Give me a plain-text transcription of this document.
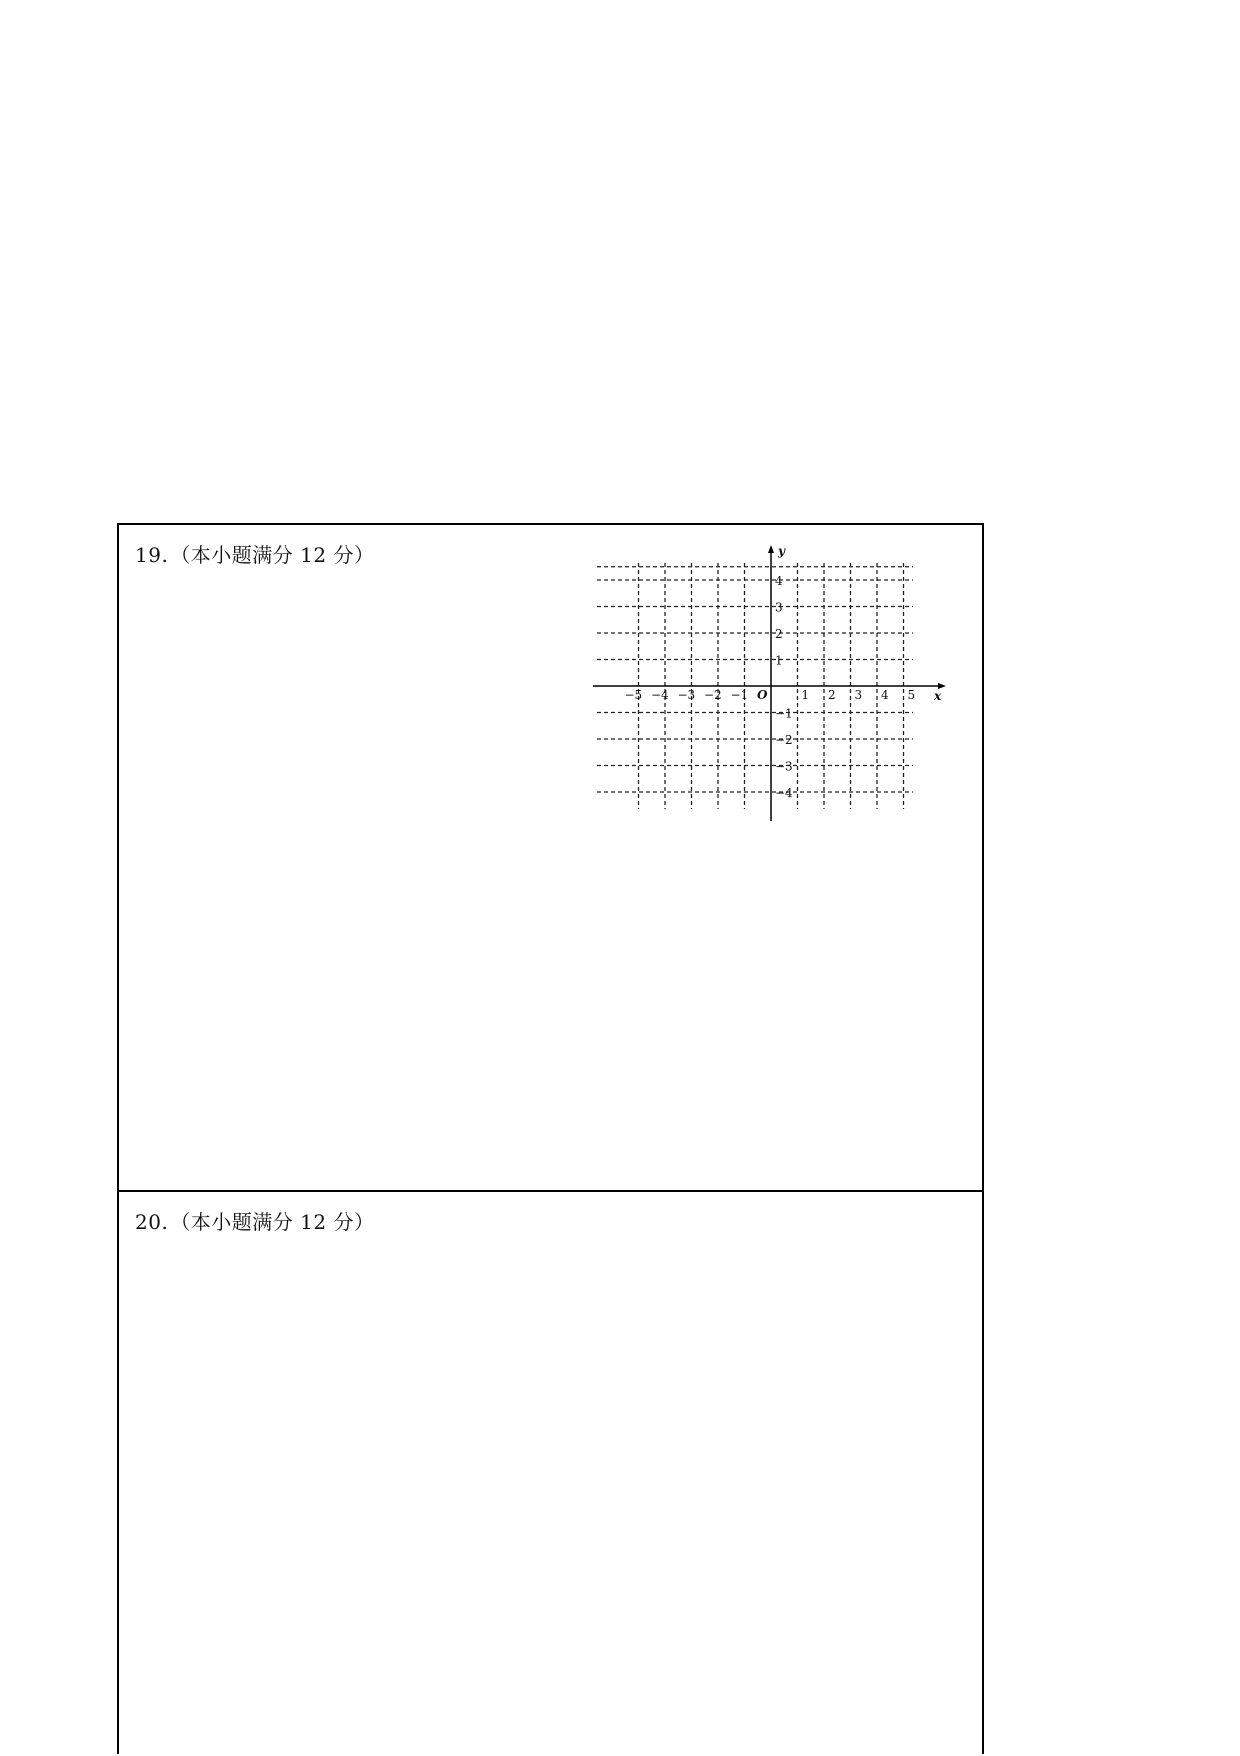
19. （本小题满分 12 分）
−5 −4 −3 −2 −1	1 2 3 4 5
4
3
2
1
−1
−2
−3
−4
x
y
O
20. （本小题满分 12 分）
